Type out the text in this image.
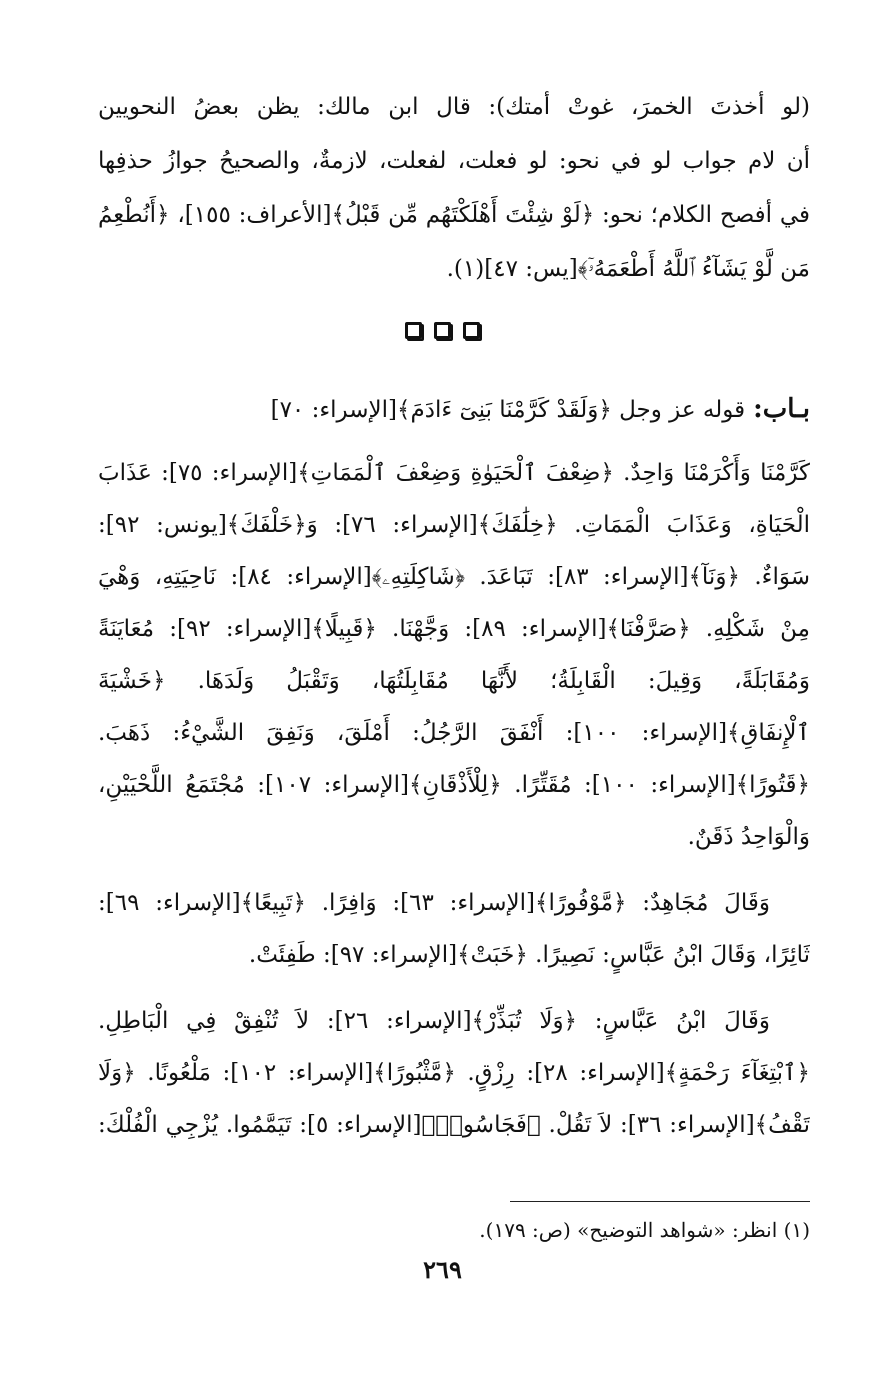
(لو أخذتَ الخمرَ، غوتْ أمتك): قال ابن مالك: يظن بعضُ النحويين
أن لام جواب لو في نحو: لو فعلت، لفعلت، لازمةٌ، والصحيحُ جوازُ حذفِها
في أفصح الكلام؛ نحو: ﴿لَوْ شِئْتَ أَهْلَكْتَهُم مِّن قَبْلُ﴾[الأعراف: ١٥٥]، ﴿أَنُطْعِمُ
مَن لَّوْ يَشَآءُ ٱللَّهُ أَطْعَمَهُۥٓ﴾[يس: ٤٧](١).
بـاب:قوله عز وجل ﴿وَلَقَدْ كَرَّمْنَا بَنِىٓ ءَادَمَ﴾[الإسراء: ٧٠]
كَرَّمْنَا وَأَكْرَمْنَا وَاحِدٌ. ﴿ضِعْفَ ٱلْحَيَوٰةِ وَضِعْفَ ٱلْمَمَاتِ﴾[الإسراء: ٧٥]: عَذَابَ
الْحَيَاةِ، وَعَذَابَ الْمَمَاتِ. ﴿خِلَٰفَكَ﴾[الإسراء: ٧٦]: وَ﴿خَلْفَكَ﴾[يونس: ٩٢]:
سَوَاءٌ. ﴿وَنَآ﴾[الإسراء: ٨٣]: تَبَاعَدَ. ﴿شَاكِلَتِهِۦ﴾[الإسراء: ٨٤]: نَاحِيَتِهِ، وَهْيَ
مِنْ شَكْلِهِ. ﴿صَرَّفْنَا﴾[الإسراء: ٨٩]: وَجَّهْنَا. ﴿قَبِيلًا﴾[الإسراء: ٩٢]: مُعَايَنَةً
وَمُقَابَلَةً، وَقِيلَ: الْقَابِلَةُ؛ لأَنَّهَا مُقَابِلَتُهَا، وَتَقْبَلُ وَلَدَهَا. ﴿خَشْيَةَ
ٱلْإِنفَاقِ﴾[الإسراء: ١٠٠]: أَنْفَقَ الرَّجُلُ: أَمْلَقَ، وَنَفِقَ الشَّيْءُ: ذَهَبَ.
﴿قَتُورًا﴾[الإسراء: ١٠٠]: مُقَتِّرًا. ﴿لِلْأَذْقَانِ﴾[الإسراء: ١٠٧]: مُجْتَمَعُ اللَّحْيَيْنِ،
وَالْوَاحِدُ ذَقَنٌ.
وَقَالَ مُجَاهِدٌ: ﴿مَّوْفُورًا﴾[الإسراء: ٦٣]: وَافِرًا. ﴿تَبِيعًا﴾[الإسراء: ٦٩]:
ثَائِرًا، وَقَالَ ابْنُ عَبَّاسٍ: نَصِيرًا. ﴿خَبَتْ﴾[الإسراء: ٩٧]: طَفِئَتْ.
وَقَالَ ابْنُ عَبَّاسٍ: ﴿وَلَا تُبَذِّرْ﴾[الإسراء: ٢٦]: لاَ تُنْفِقْ فِي الْبَاطِلِ.
﴿ٱبْتِغَآءَ رَحْمَةٍ﴾[الإسراء: ٢٨]: رِزْقٍ. ﴿مَّثْبُورًا﴾[الإسراء: ١٠٢]: مَلْعُونًا. ﴿وَلَا
تَقْفُ﴾[الإسراء: ٣٦]: لاَ تَقُلْ. ﴿فَجَاسُوا۟﴾[الإسراء: ٥]: تَيَمَّمُوا. يُزْجِي الْفُلْكَ:
(١) انظر: «شواهد التوضيح» (ص: ١٧٩).
٢٦٩
